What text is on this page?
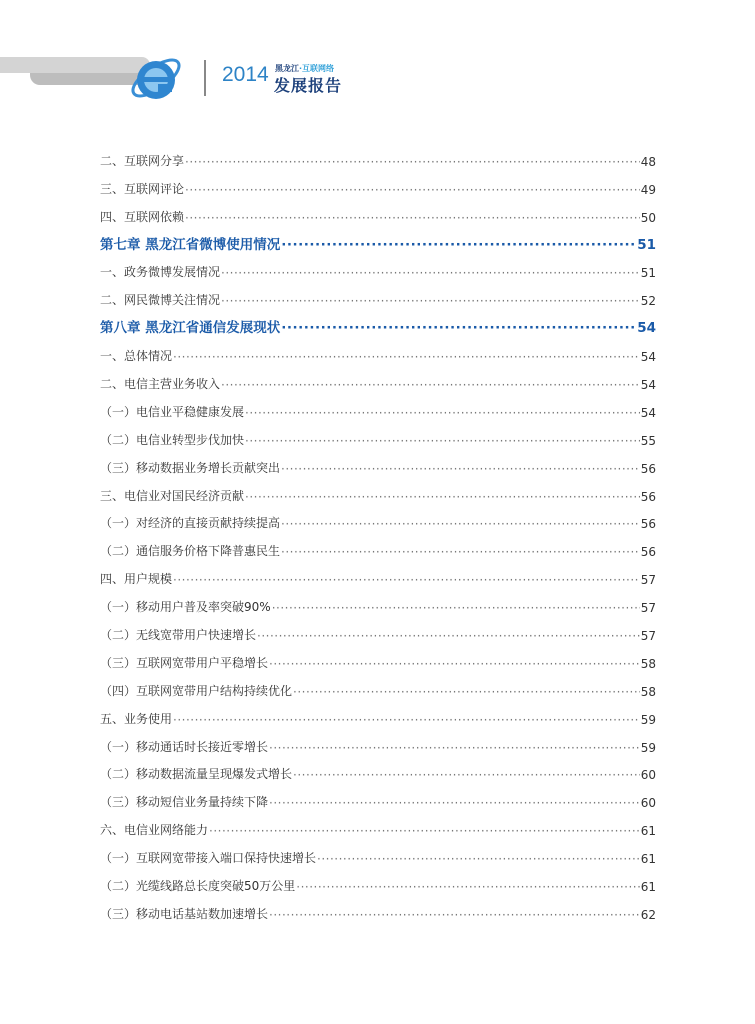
2014 黑龙江·互联网络
发展报告
二、互联网分享 ·····	48
三、互联网评论 ·····	49
四、互联网依赖 ·····	50
第七章 黑龙江省微博使用情况 ·····	51
一、政务微博发展情况 ·····	51
二、网民微博关注情况 ·····	52
第八章 黑龙江省通信发展现状 ·····	54
一、总体情况 ·····	54
二、电信主营业务收入 ·····	54
（一）电信业平稳健康发展 ·····	54
（二）电信业转型步伐加快 ·····	55
（三）移动数据业务增长贡献突出 ·····	56
三、电信业对国民经济贡献 ·····	56
（一）对经济的直接贡献持续提高 ·····	56
（二）通信服务价格下降普惠民生 ·····	56
四、用户规模 ·····	57
（一）移动用户普及率突破90% ·····	57
（二）无线宽带用户快速增长 ·····	57
（三）互联网宽带用户平稳增长 ·····	58
（四）互联网宽带用户结构持续优化 ·····	58
五、业务使用 ·····	59
（一）移动通话时长接近零增长 ·····	59
（二）移动数据流量呈现爆发式增长 ·····	60
（三）移动短信业务量持续下降 ·····	60
六、电信业网络能力 ·····	61
（一）互联网宽带接入端口保持快速增长 ·····	61
（二）光缆线路总长度突破50万公里 ·····	61
（三）移动电话基站数加速增长 ·····	62
